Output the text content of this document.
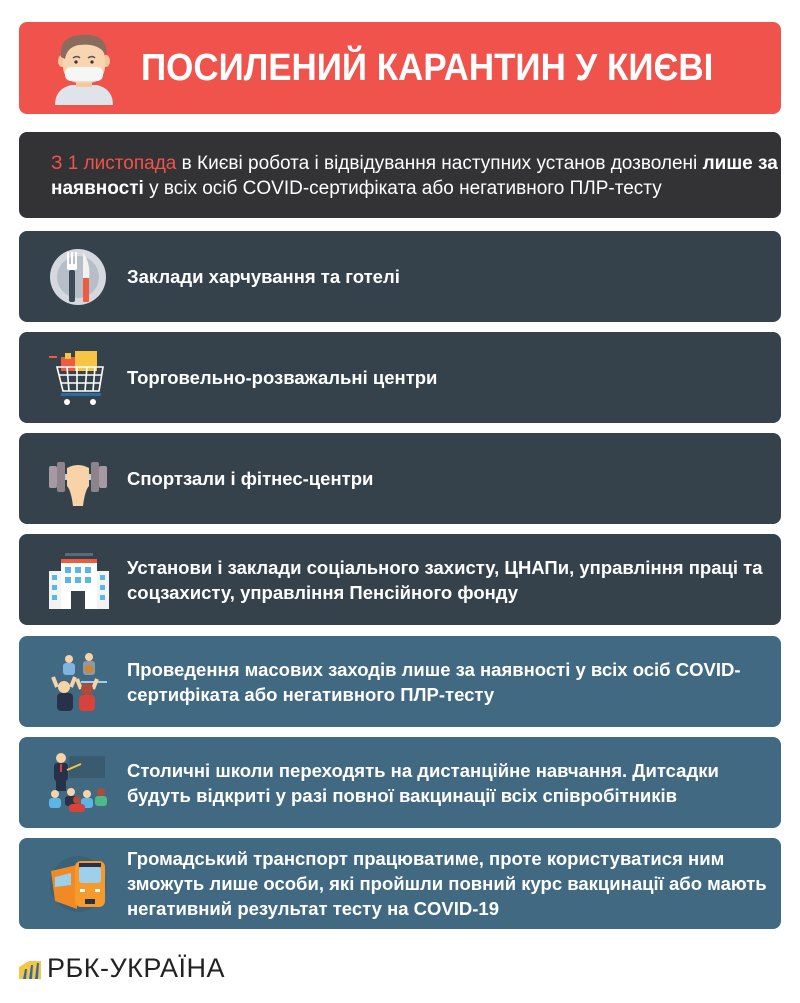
ПОСИЛЕНИЙ КАРАНТИН У КИЄВІ
З 1 листопада в Києві робота і відвідування наступних установ дозволені лише за наявності у всіх осіб COVID-сертифіката або негативного ПЛР-тесту
Заклади харчування та готелі
Торговельно-розважальні центри
Спортзали і фітнес-центри
Установи і заклади соціального захисту, ЦНАПи, управління праці та соцзахисту, управління Пенсійного фонду
Проведення масових заходів лише за наявності у всіх осіб COVID-сертифіката або негативного ПЛР-тесту
Столичні школи переходять на дистанційне навчання. Дитсадки будуть відкриті у разі повної вакцинації всіх співробітників
Громадський транспорт працюватиме, проте користуватися ним зможуть лише особи, які пройшли повний курс вакцинації або мають негативний результат тесту на COVID-19
РБК-УКРАЇНА
